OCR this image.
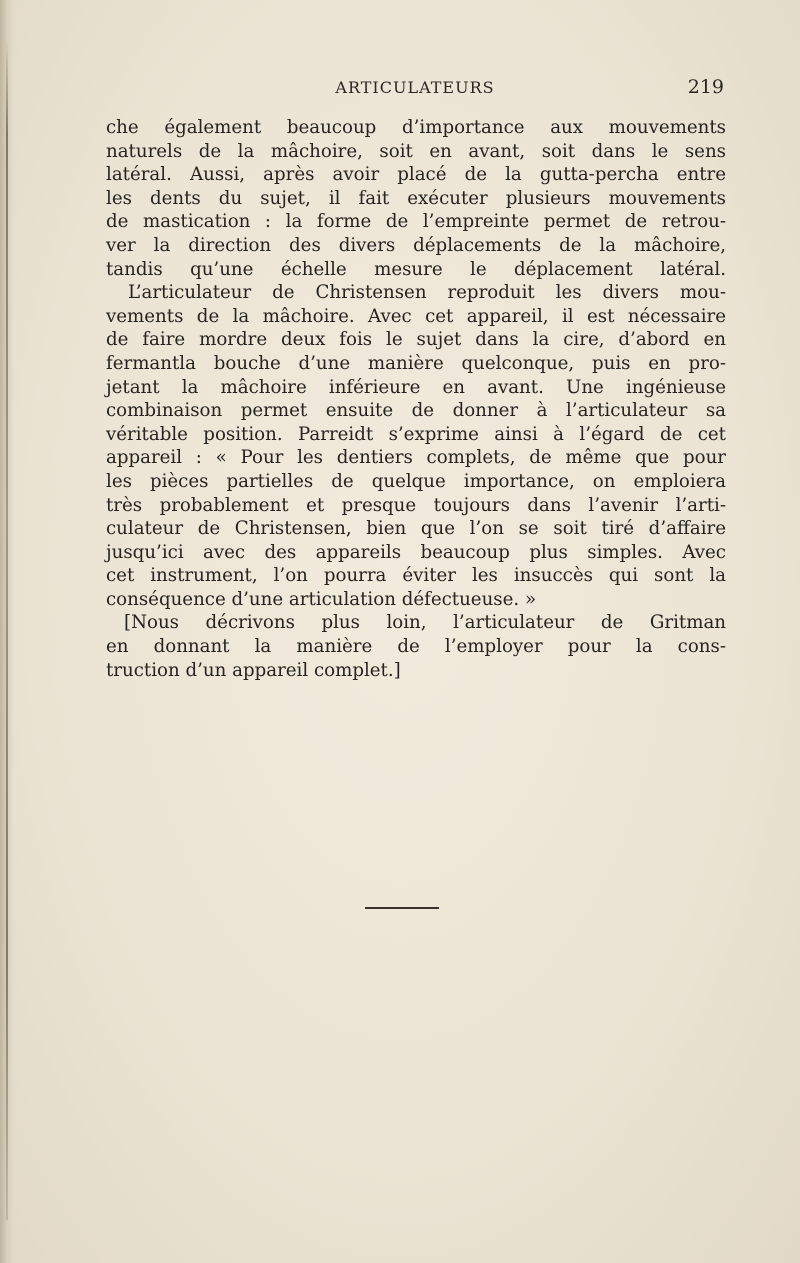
ARTICULATEURS	219
che également beaucoup d’importance aux mouvements
naturels de la mâchoire, soit en avant, soit dans le sens
latéral. Aussi, après avoir placé de la gutta-percha entre
les dents du sujet, il fait exécuter plusieurs mouvements
de mastication : la forme de l’empreinte permet de retrou-
ver la direction des divers déplacements de la mâchoire,
tandis qu’une échelle mesure le déplacement latéral.
L’articulateur de Christensen reproduit les divers mou-
vements de la mâchoire. Avec cet appareil, il est nécessaire
de faire mordre deux fois le sujet dans la cire, d’abord en
fermantla bouche d’une manière quelconque, puis en pro-
jetant la mâchoire inférieure en avant. Une ingénieuse
combinaison permet ensuite de donner à l’articulateur sa
véritable position. Parreidt s’exprime ainsi à l’égard de cet
appareil : « Pour les dentiers complets, de même que pour
les pièces partielles de quelque importance, on emploiera
très probablement et presque toujours dans l’avenir l’arti-
culateur de Christensen, bien que l’on se soit tiré d’affaire
jusqu’ici avec des appareils beaucoup plus simples. Avec
cet instrument, l’on pourra éviter les insuccès qui sont la
conséquence d’une articulation défectueuse. »
[Nous décrivons plus loin, l’articulateur de Gritman
en donnant la manière de l’employer pour la cons-
truction d’un appareil complet.]
